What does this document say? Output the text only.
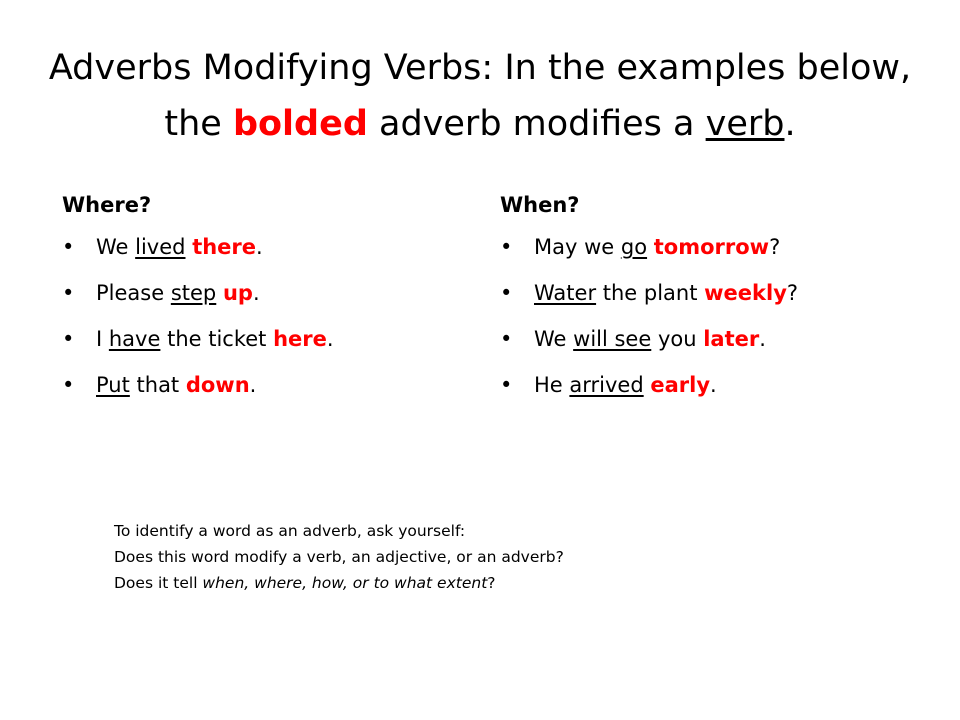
Adverbs Modifying Verbs: In the examples below, the bolded adverb modifies a verb.
Where?
• We lived there.
• Please step up.
• I have the ticket here.
• Put that down.
When?
• May we go tomorrow?
• Water the plant weekly?
• We will see you later.
• He arrived early.

To identify a word as an adverb, ask yourself:

Does this word modify a verb, an adjective, or an adverb?

Does it tell when, where, how, or to what extent?
